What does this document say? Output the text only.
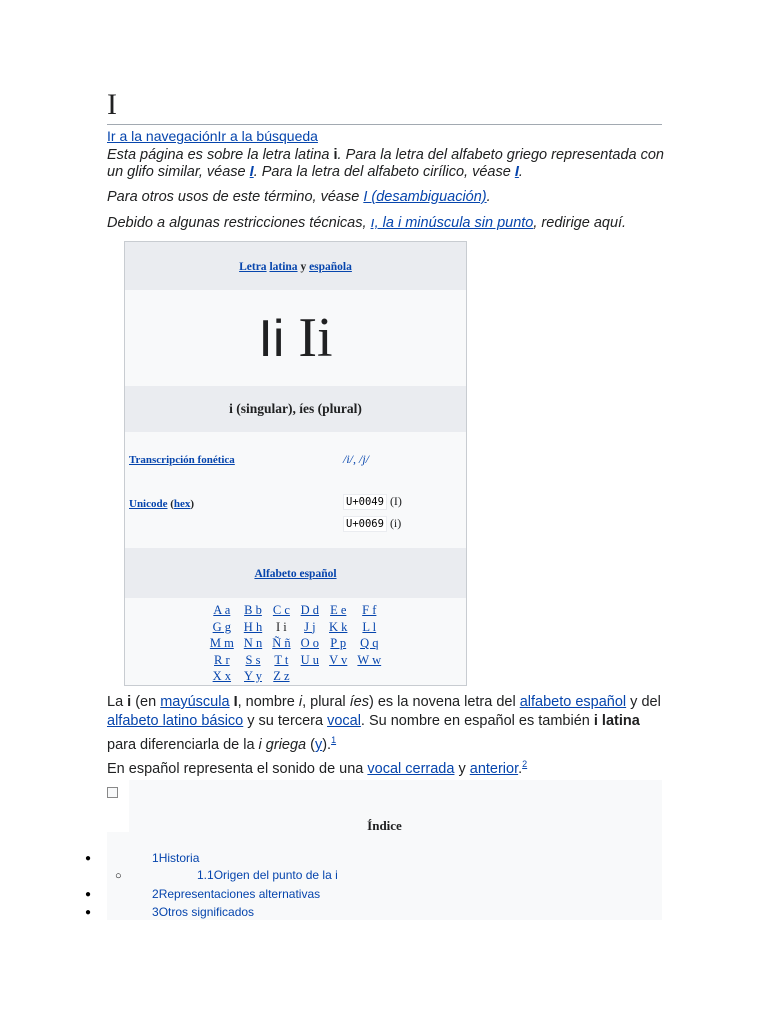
I
Ir a la navegaciónIr a la búsqueda
Esta página es sobre la letra latina i. Para la letra del alfabeto griego representada con un glifo similar, véase Ι. Para la letra del alfabeto cirílico, véase І.
Para otros usos de este término, véase I (desambiguación).
Debido a algunas restricciones técnicas, ı, la i minúscula sin punto, redirige aquí.
Letra latina y española
Ii Ii
i (singular), íes (plural)
Transcripción fonética	/i/, /j/
Unicode (hex)	U+0049 (I)
U+0069 (i)
Alfabeto español
A a	B b	C c	D d	E e	F f
G g	H h	I i	J j	K k	L l
M m	N n	Ñ ñ	O o	P p	Q q
R r	S s	T t	U u	V v	W w
X x	Y y	Z z			
La i (en mayúscula I, nombre i, plural íes) es la novena letra del alfabeto español y del alfabeto latino básico y su tercera vocal. Su nombre en español es también i latina para diferenciarla de la i griega (y).$^1$
En español representa el sonido de una vocal cerrada y anterior.$^2$
Índice
●	1Historia
○	1.1Origen del punto de la i
●	2Representaciones alternativas
●	3Otros significados
